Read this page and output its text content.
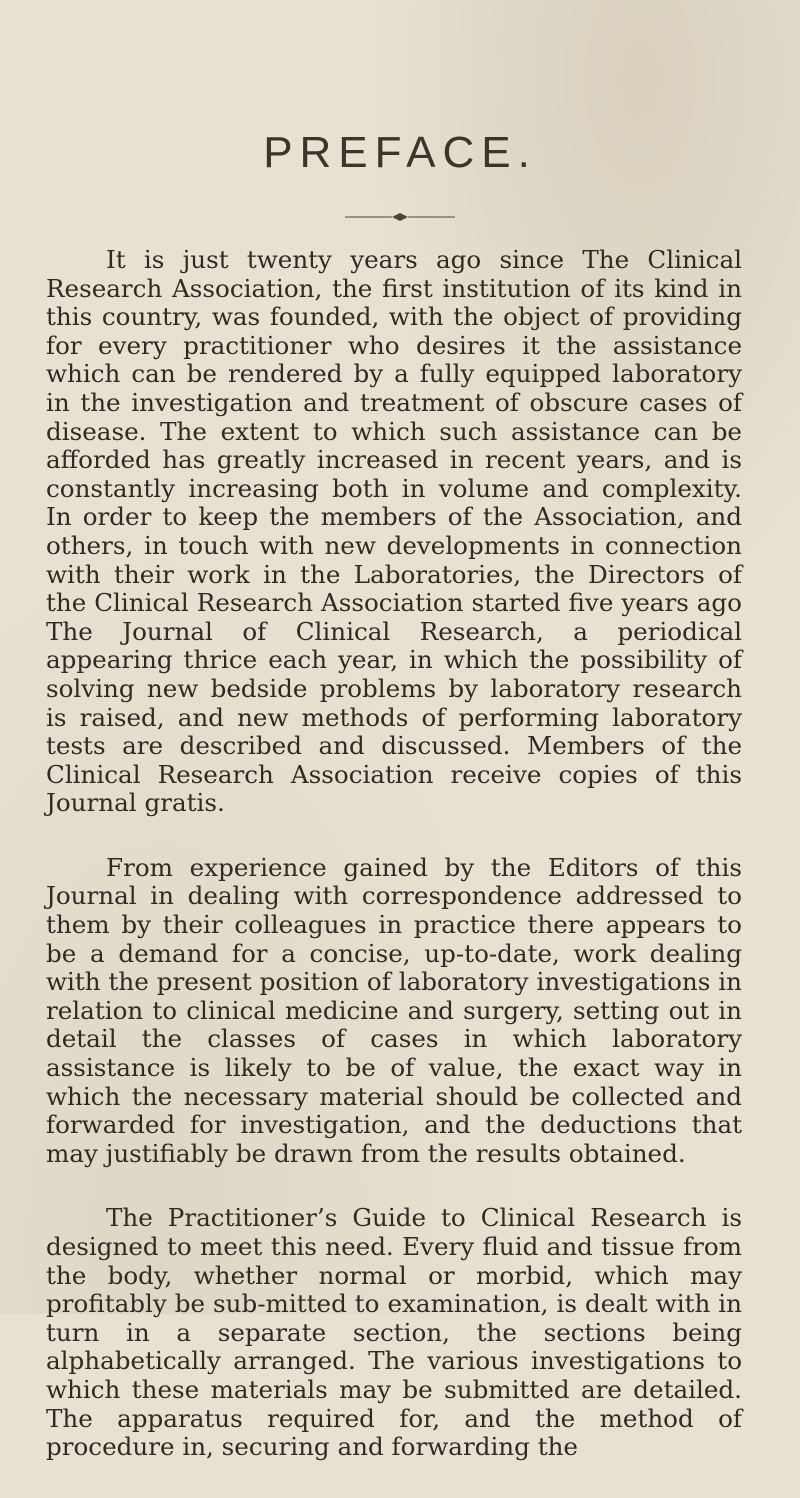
PREFACE.

It is just twenty years ago since The Clinical Research Association, the first institution of its kind in this country, was founded, with the object of providing for every practitioner who desires it the assistance which can be rendered by a fully equipped laboratory in the investigation and treatment of obscure cases of disease. The extent to which such assistance can be afforded has greatly increased in recent years, and is constantly increasing both in volume and complexity. In order to keep the members of the Association, and others, in touch with new developments in connection with their work in the Laboratories, the Directors of the Clinical Research Association started five years ago The Journal of Clinical Research, a periodical appearing thrice each year, in which the possibility of solving new bedside problems by laboratory research is raised, and new methods of performing laboratory tests are described and discussed. Members of the Clinical Research Association receive copies of this Journal gratis.

From experience gained by the Editors of this Journal in dealing with correspondence addressed to them by their colleagues in practice there appears to be a demand for a concise, up-to-date, work dealing with the present position of laboratory investigations in relation to clinical medicine and surgery, setting out in detail the classes of cases in which laboratory assistance is likely to be of value, the exact way in which the necessary material should be collected and forwarded for investigation, and the deductions that may justifiably be drawn from the results obtained.

The Practitioner’s Guide to Clinical Research is designed to meet this need. Every fluid and tissue from the body, whether normal or morbid, which may profitably be sub-mitted to examination, is dealt with in turn in a separate section, the sections being alphabetically arranged. The various investigations to which these materials may be submitted are detailed. The apparatus required for, and the method of procedure in, securing and forwarding the
